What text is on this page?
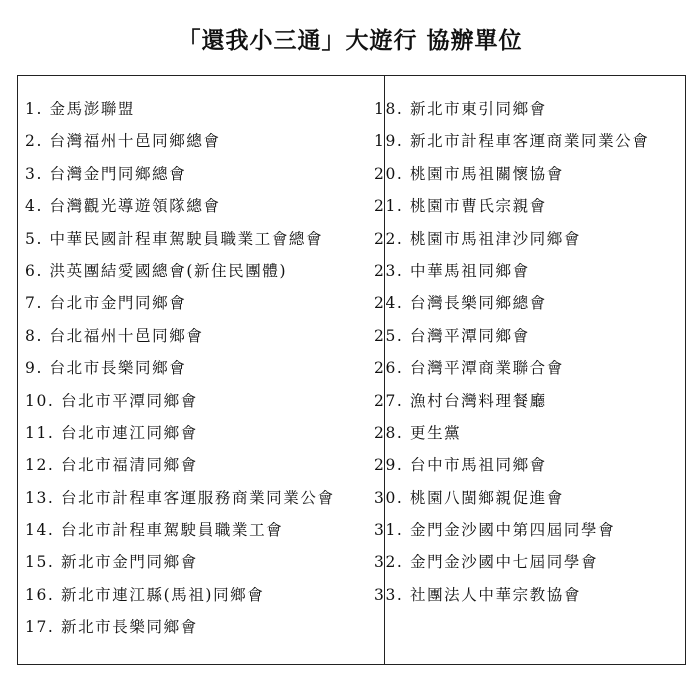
「還我小三通」大遊行 協辦單位
1. 金馬澎聯盟
2. 台灣福州十邑同鄉總會
3. 台灣金門同鄉總會
4. 台灣觀光導遊領隊總會
5. 中華民國計程車駕駛員職業工會總會
6. 洪英團結愛國總會(新住民團體)
7. 台北市金門同鄉會
8. 台北福州十邑同鄉會
9. 台北市長樂同鄉會
10. 台北市平潭同鄉會
11. 台北市連江同鄉會
12. 台北市福清同鄉會
13. 台北市計程車客運服務商業同業公會
14. 台北市計程車駕駛員職業工會
15. 新北市金門同鄉會
16. 新北市連江縣(馬祖)同鄉會
17. 新北市長樂同鄉會
18. 新北市東引同鄉會
19. 新北市計程車客運商業同業公會
20. 桃園市馬祖關懷協會
21. 桃園市曹氏宗親會
22. 桃園市馬祖津沙同鄉會
23. 中華馬祖同鄉會
24. 台灣長樂同鄉總會
25. 台灣平潭同鄉會
26. 台灣平潭商業聯合會
27. 漁村台灣料理餐廳
28. 更生黨
29. 台中市馬祖同鄉會
30. 桃園八閩鄉親促進會
31. 金門金沙國中第四屆同學會
32. 金門金沙國中七屆同學會
33. 社團法人中華宗教協會
